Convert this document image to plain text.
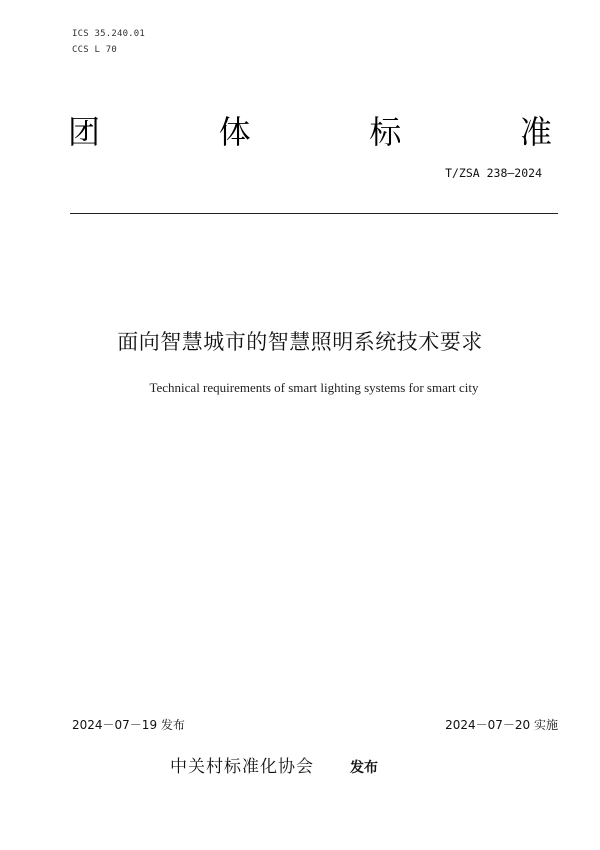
ICS 35.240.01
CCS L 70
团	体	标	准
T/ZSA 238—2024
面向智慧城市的智慧照明系统技术要求
Technical requirements of smart lighting systems for smart city
2024－07－19 发布	2024－07－20 实施
中关村标准化协会	发布
